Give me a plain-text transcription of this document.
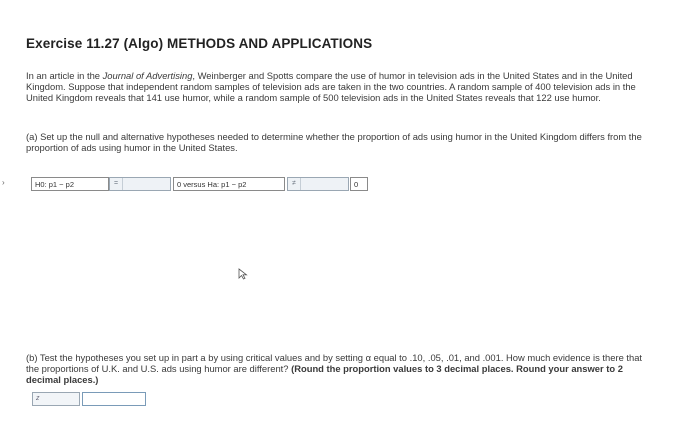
Exercise 11.27 (Algo) METHODS AND APPLICATIONS
In an article in the Journal of Advertising, Weinberger and Spotts compare the use of humor in television ads in the United States and in the United Kingdom. Suppose that independent random samples of television ads are taken in the two countries. A random sample of 400 television ads in the United Kingdom reveals that 141 use humor, while a random sample of 500 television ads in the United States reveals that 122 use humor.
(a) Set up the null and alternative hypotheses needed to determine whether the proportion of ads using humor in the United Kingdom differs from the proportion of ads using humor in the United States.
›	H0: p1 − p2	=	0 versus Ha: p1 − p2	≠	0
(b) Test the hypotheses you set up in part a by using critical values and by setting α equal to .10, .05, .01, and .001. How much evidence is there that the proportions of U.K. and U.S. ads using humor are different? (Round the proportion values to 3 decimal places. Round your answer to 2 decimal places.)
z
